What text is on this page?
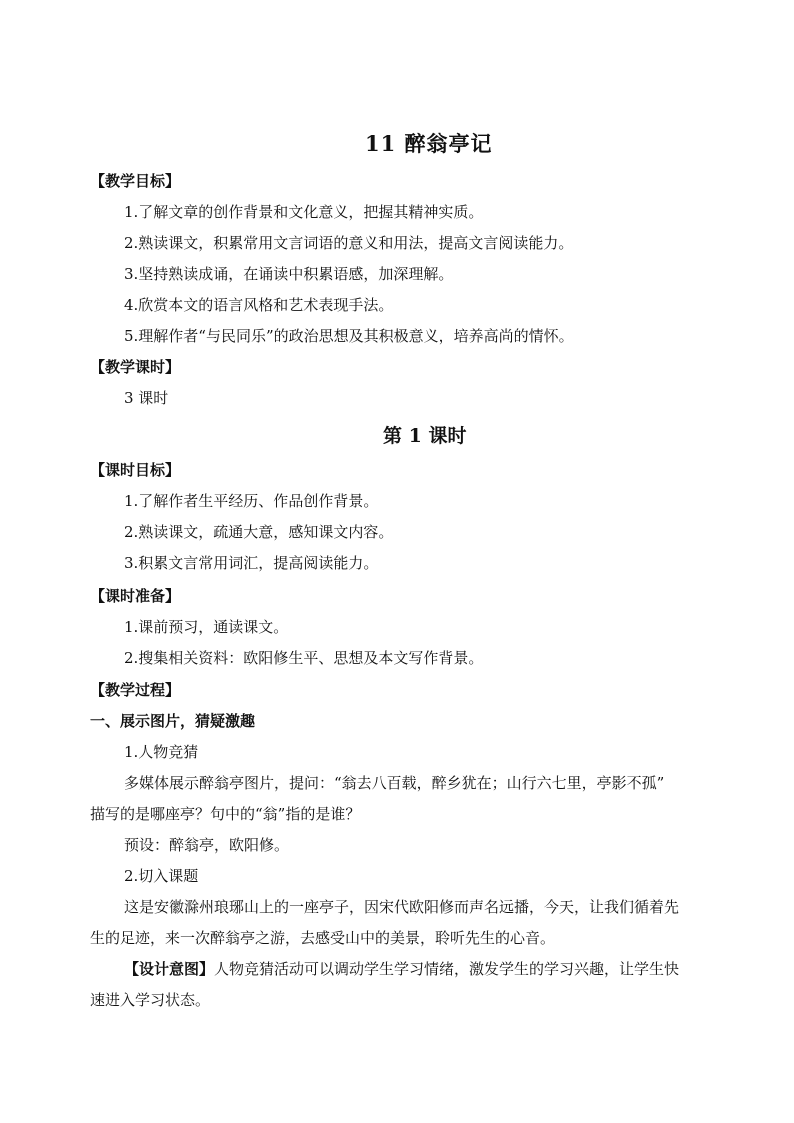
11 醉翁亭记
【教学目标】
1.了解文章的创作背景和文化意义，把握其精神实质。
2.熟读课文，积累常用文言词语的意义和用法，提高文言阅读能力。
3.坚持熟读成诵，在诵读中积累语感，加深理解。
4.欣赏本文的语言风格和艺术表现手法。
5.理解作者“与民同乐”的政治思想及其积极意义，培养高尚的情怀。
【教学课时】
3 课时
第 1 课时
【课时目标】
1.了解作者生平经历、作品创作背景。
2.熟读课文，疏通大意，感知课文内容。
3.积累文言常用词汇，提高阅读能力。
【课时准备】
1.课前预习，通读课文。
2.搜集相关资料：欧阳修生平、思想及本文写作背景。
【教学过程】
一、展示图片，猜疑激趣
1.人物竞猜
多媒体展示醉翁亭图片，提问：“翁去八百载，醉乡犹在；山行六七里，亭影不孤”
描写的是哪座亭？句中的“翁”指的是谁？
预设：醉翁亭，欧阳修。
2.切入课题
这是安徽滁州琅琊山上的一座亭子，因宋代欧阳修而声名远播，今天，让我们循着先
生的足迹，来一次醉翁亭之游，去感受山中的美景，聆听先生的心音。
【设计意图】人物竞猜活动可以调动学生学习情绪，激发学生的学习兴趣，让学生快
速进入学习状态。
